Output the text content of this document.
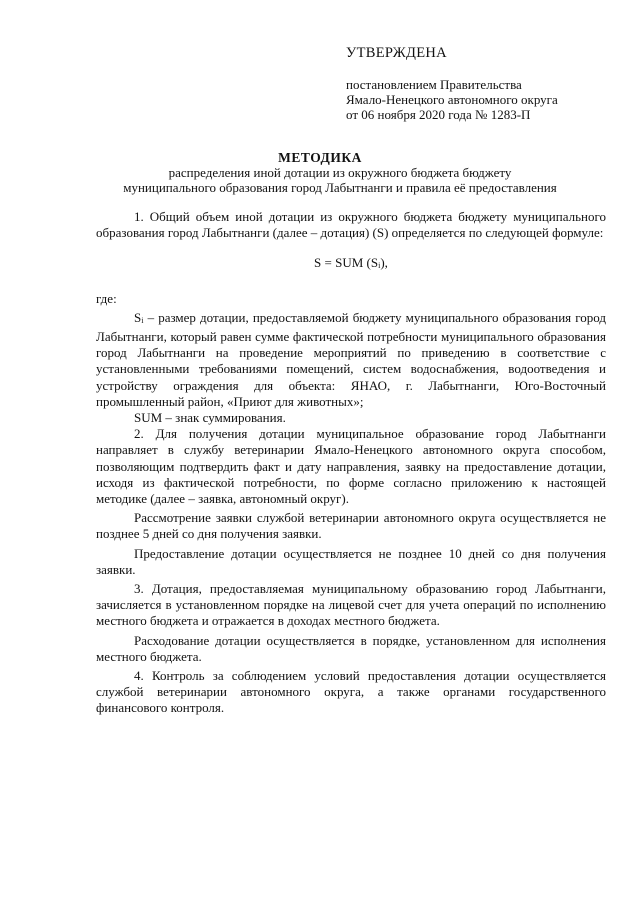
УТВЕРЖДЕНА
постановлением Правительства
Ямало-Ненецкого автономного округа
от 06 ноября 2020 года № 1283-П
МЕТОДИКА
распределения иной дотации из окружного бюджета бюджету
муниципального образования город Лабытнанги и правила её предоставления

1. Общий объем иной дотации из окружного бюджета бюджету муниципального образования город Лабытнанги (далее – дотация) (S) определяется по следующей формуле:

S = SUM $(S_i)$,

где:

$S_i$ – размер дотации, предоставляемой бюджету муниципального образования город Лабытнанги, который равен сумме фактической потребности муниципального образования город Лабытнанги на проведение мероприятий по приведению в соответствие с установленными требованиями помещений, систем водоснабжения, водоотведения и устройству ограждения для объекта: ЯНАО, г. Лабытнанги, Юго-Восточный промышленный район, «Приют для животных»;

SUM – знак суммирования.

2. Для получения дотации муниципальное образование город Лабытнанги направляет в службу ветеринарии Ямало-Ненецкого автономного округа способом, позволяющим подтвердить факт и дату направления, заявку на предоставление дотации, исходя из фактической потребности, по форме согласно приложению к настоящей методике (далее – заявка, автономный округ).

Рассмотрение заявки службой ветеринарии автономного округа осуществляется не позднее 5 дней со дня получения заявки.

Предоставление дотации осуществляется не позднее 10 дней со дня получения заявки.

3. Дотация, предоставляемая муниципальному образованию город Лабытнанги, зачисляется в установленном порядке на лицевой счет для учета операций по исполнению местного бюджета и отражается в доходах местного бюджета.

Расходование дотации осуществляется в порядке, установленном для исполнения местного бюджета.

4. Контроль за соблюдением условий предоставления дотации осуществляется службой ветеринарии автономного округа, а также органами государственного финансового контроля.
